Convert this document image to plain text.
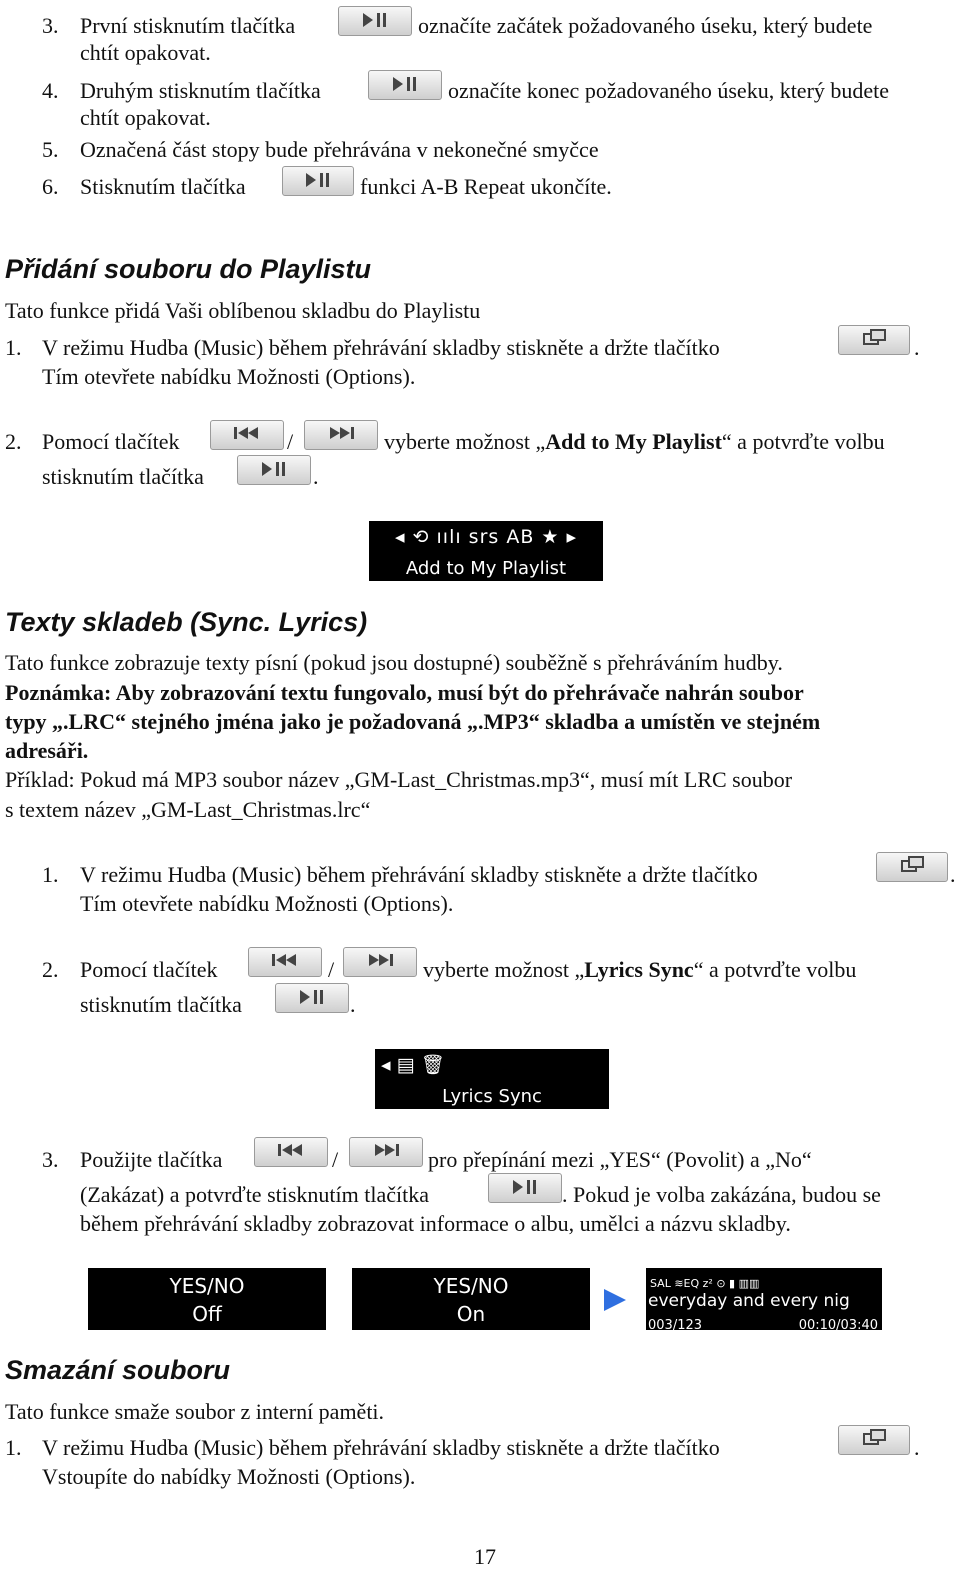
3. První stisknutím tlačítka	označíte začátek požadovaného úseku, který budete
chtít opakovat.
4. Druhým stisknutím tlačítka	označíte konec požadovaného úseku, který budete
chtít opakovat.
5. Označená část stopy bude přehrávána v nekonečné smyčce
6. Stisknutím tlačítka	funkci A-B Repeat ukončíte.
Přidání souboru do Playlistu
Tato funkce přidá Vaši oblíbenou skladbu do Playlistu
1. V režimu Hudba (Music) během přehrávání skladby stiskněte a držte tlačítko	.
Tím otevřete nabídku Možnosti (Options).
2. Pomocí tlačítek	/	vyberte možnost „Add to My Playlist“ a potvrďte volbu
stisknutím tlačítka	.
◂ ⟲ ıılı srs AB ★ ▸
Add to My Playlist
Texty skladeb (Sync. Lyrics)
Tato funkce zobrazuje texty písní (pokud jsou dostupné) souběžně s přehráváním hudby.
Poznámka: Aby zobrazování textu fungovalo, musí být do přehrávače nahrán soubor
typy „.LRC“ stejného jména jako je požadovaná „.MP3“ skladba a umístěn ve stejném
adresáři.
Příklad: Pokud má MP3 soubor název „GM-Last_Christmas.mp3“, musí mít LRC soubor
s textem název „GM-Last_Christmas.lrc“
1. V režimu Hudba (Music) během přehrávání skladby stiskněte a držte tlačítko	.
Tím otevřete nabídku Možnosti (Options).
2. Pomocí tlačítek	/	vyberte možnost „Lyrics Sync“ a potvrďte volbu
stisknutím tlačítka	.
◂ ▤ 🗑
Lyrics Sync
3. Použijte tlačítka	/	pro přepínání mezi „YES“ (Povolit) a „No“
(Zakázat) a potvrďte stisknutím tlačítka	. Pokud je volba zakázána, budou se
během přehrávání skladby zobrazovat informace o albu, umělci a názvu skladby.
YES/NO
Off
YES/NO
On
SAL ≋EQ z² ⊙ ▮ ▥▥
everyday and every nig
003/123	00:10/03:40
Smazání souboru
Tato funkce smaže soubor z interní paměti.
1. V režimu Hudba (Music) během přehrávání skladby stiskněte a držte tlačítko	.
Vstoupíte do nabídky Možnosti (Options).
17
